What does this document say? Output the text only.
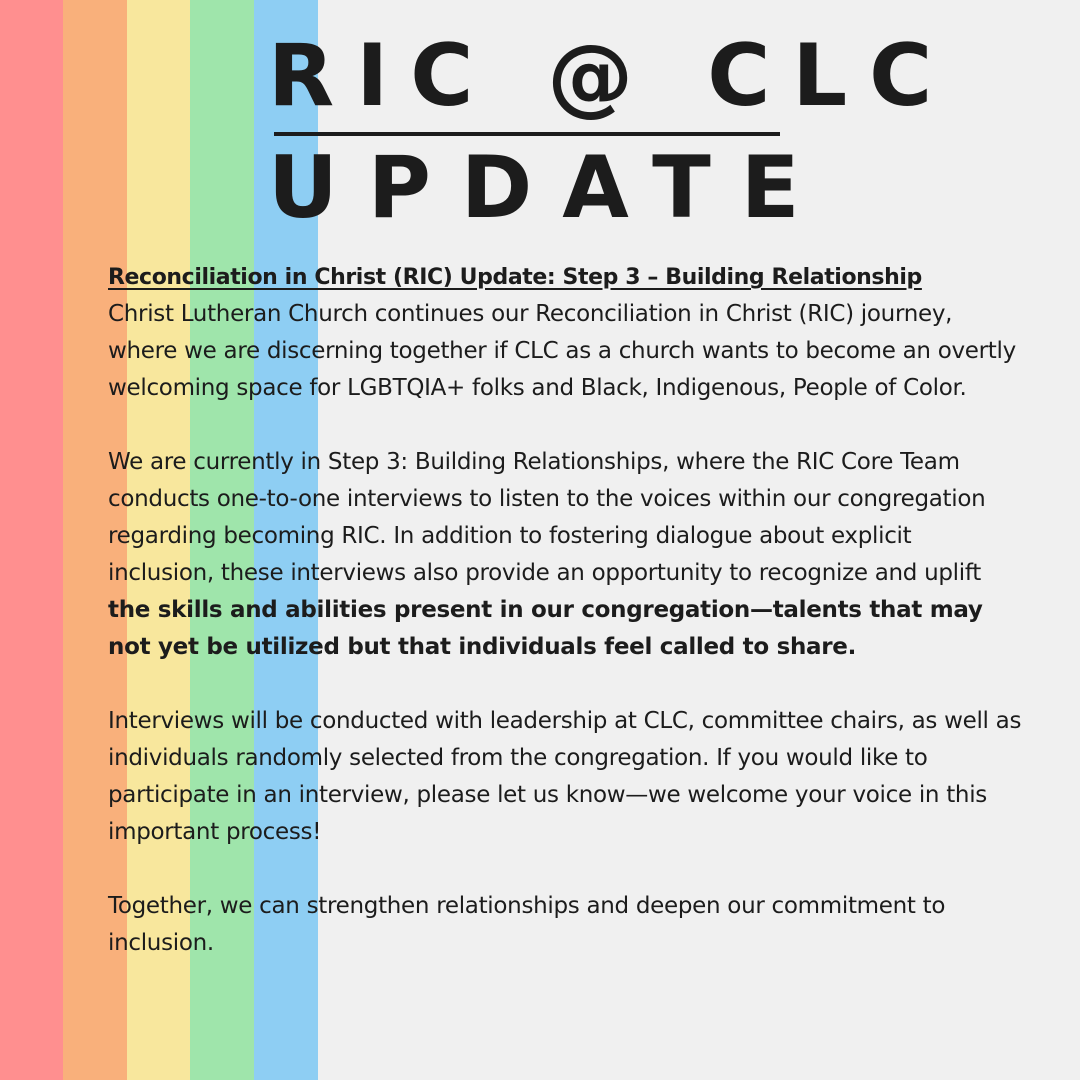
RIC @ CLC
UPDATE
Reconciliation in Christ (RIC) Update: Step 3 – Building Relationship

Christ Lutheran Church continues our Reconciliation in Christ (RIC) journey, where we are discerning together if CLC as a church wants to become an overtly welcoming space for LGBTQIA+ folks and Black, Indigenous, People of Color.

We are currently in Step 3: Building Relationships, where the RIC Core Team conducts one-to-one interviews to listen to the voices within our congregation regarding becoming RIC. In addition to fostering dialogue about explicit inclusion, these interviews also provide an opportunity to recognize and uplift the skills and abilities present in our congregation—talents that may not yet be utilized but that individuals feel called to share.

Interviews will be conducted with leadership at CLC, committee chairs, as well as individuals randomly selected from the congregation. If you would like to participate in an interview, please let us know—we welcome your voice in this important process!

Together, we can strengthen relationships and deepen our commitment to inclusion.
